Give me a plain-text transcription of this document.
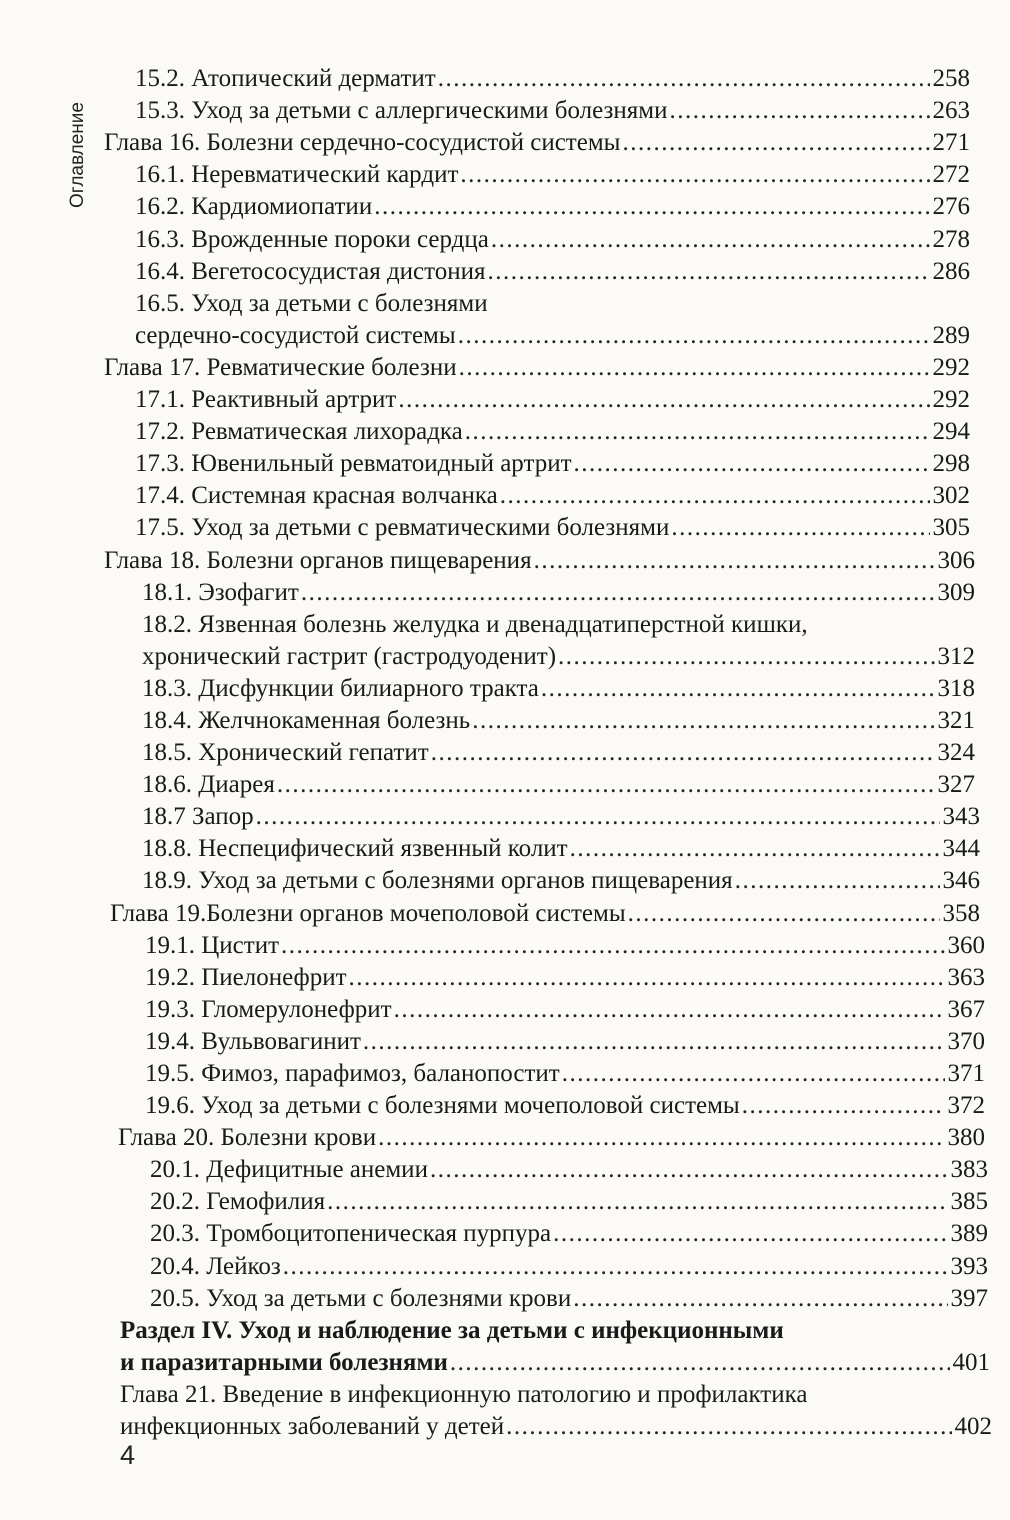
Оглавление
15.2. Атопический дерматит .....	258
15.3. Уход за детьми с аллергическими болезнями .....	263
Глава 16. Болезни сердечно-сосудистой системы .....	271
16.1. Неревматический кардит .....	272
16.2. Кардиомиопатии .....	276
16.3. Врожденные пороки сердца .....	278
16.4. Вегетососудистая дистония .....	286
16.5. Уход за детьми с болезнями
сердечно-сосудистой системы .....	289
Глава 17. Ревматические болезни .....	292
17.1. Реактивный артрит .....	292
17.2. Ревматическая лихорадка .....	294
17.3. Ювенильный ревматоидный артрит .....	298
17.4. Системная красная волчанка .....	302
17.5. Уход за детьми с ревматическими болезнями .....	305
Глава 18. Болезни органов пищеварения .....	306
18.1. Эзофагит .....	309
18.2. Язвенная болезнь желудка и двенадцатиперстной кишки,
хронический гастрит (гастродуоденит) .....	312
18.3. Дисфункции билиарного тракта .....	318
18.4. Желчнокаменная болезнь .....	321
18.5. Хронический гепатит .....	324
18.6. Диарея .....	327
18.7 Запор .....	343
18.8. Неспецифический язвенный колит .....	344
18.9. Уход за детьми с болезнями органов пищеварения .....	346
Глава 19.Болезни органов мочеполовой системы .....	358
19.1. Цистит .....	360
19.2. Пиелонефрит .....	363
19.3. Гломерулонефрит .....	367
19.4. Вульвовагинит .....	370
19.5. Фимоз, парафимоз, баланопостит .....	371
19.6. Уход за детьми с болезнями мочеполовой системы .....	372
Глава 20. Болезни крови .....	380
20.1. Дефицитные анемии .....	383
20.2. Гемофилия .....	385
20.3. Тромбоцитопеническая пурпура .....	389
20.4. Лейкоз .....	393
20.5. Уход за детьми с болезнями крови .....	397
Раздел IV. Уход и наблюдение за детьми с инфекционными
и паразитарными болезнями .....	401
Глава 21. Введение в инфекционную патологию и профилактика
инфекционных заболеваний у детей .....	402
4
